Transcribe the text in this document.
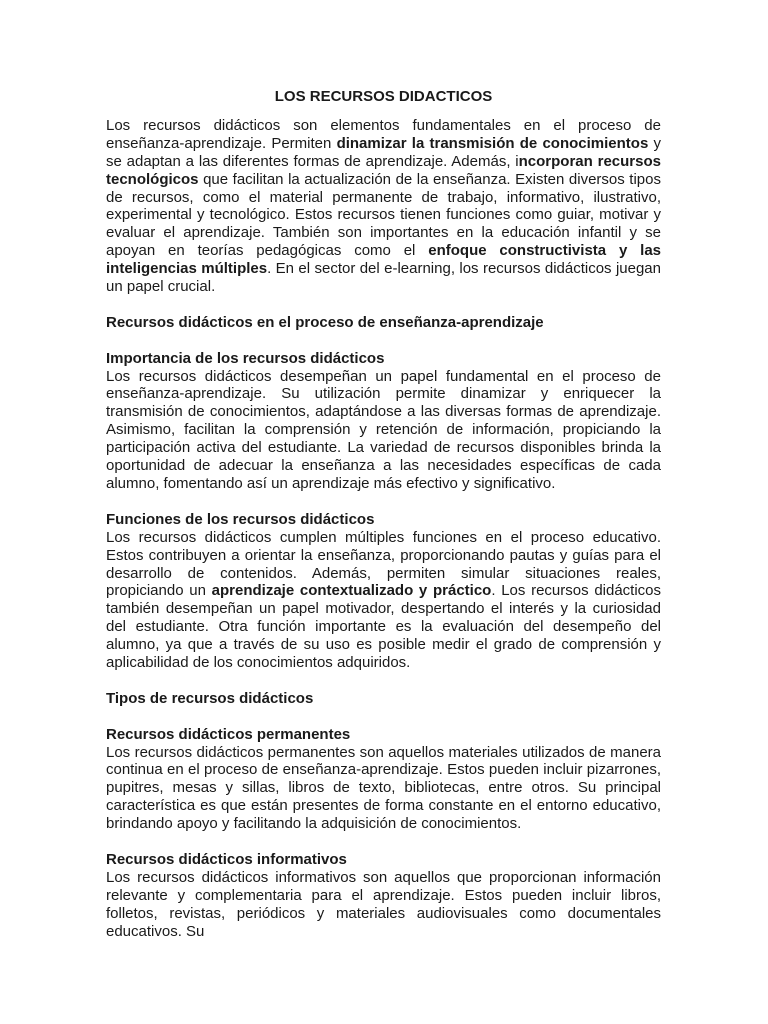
LOS RECURSOS DIDACTICOS

Los recursos didácticos son elementos fundamentales en el proceso de enseñanza-aprendizaje. Permiten dinamizar la transmisión de conocimientos y se adaptan a las diferentes formas de aprendizaje. Además, incorporan recursos tecnológicos que facilitan la actualización de la enseñanza. Existen diversos tipos de recursos, como el material permanente de trabajo, informativo, ilustrativo, experimental y tecnológico. Estos recursos tienen funciones como guiar, motivar y evaluar el aprendizaje. También son importantes en la educación infantil y se apoyan en teorías pedagógicas como el enfoque constructivista y las inteligencias múltiples. En el sector del e-learning, los recursos didácticos juegan un papel crucial.

Recursos didácticos en el proceso de enseñanza-aprendizaje

Importancia de los recursos didácticos

Los recursos didácticos desempeñan un papel fundamental en el proceso de enseñanza-aprendizaje. Su utilización permite dinamizar y enriquecer la transmisión de conocimientos, adaptándose a las diversas formas de aprendizaje. Asimismo, facilitan la comprensión y retención de información, propiciando la participación activa del estudiante. La variedad de recursos disponibles brinda la oportunidad de adecuar la enseñanza a las necesidades específicas de cada alumno, fomentando así un aprendizaje más efectivo y significativo.

Funciones de los recursos didácticos

Los recursos didácticos cumplen múltiples funciones en el proceso educativo. Estos contribuyen a orientar la enseñanza, proporcionando pautas y guías para el desarrollo de contenidos. Además, permiten simular situaciones reales, propiciando un aprendizaje contextualizado y práctico. Los recursos didácticos también desempeñan un papel motivador, despertando el interés y la curiosidad del estudiante. Otra función importante es la evaluación del desempeño del alumno, ya que a través de su uso es posible medir el grado de comprensión y aplicabilidad de los conocimientos adquiridos.

Tipos de recursos didácticos

Recursos didácticos permanentes

Los recursos didácticos permanentes son aquellos materiales utilizados de manera continua en el proceso de enseñanza-aprendizaje. Estos pueden incluir pizarrones, pupitres, mesas y sillas, libros de texto, bibliotecas, entre otros. Su principal característica es que están presentes de forma constante en el entorno educativo, brindando apoyo y facilitando la adquisición de conocimientos.

Recursos didácticos informativos

Los recursos didácticos informativos son aquellos que proporcionan información relevante y complementaria para el aprendizaje. Estos pueden incluir libros, folletos, revistas, periódicos y materiales audiovisuales como documentales educativos. Su
